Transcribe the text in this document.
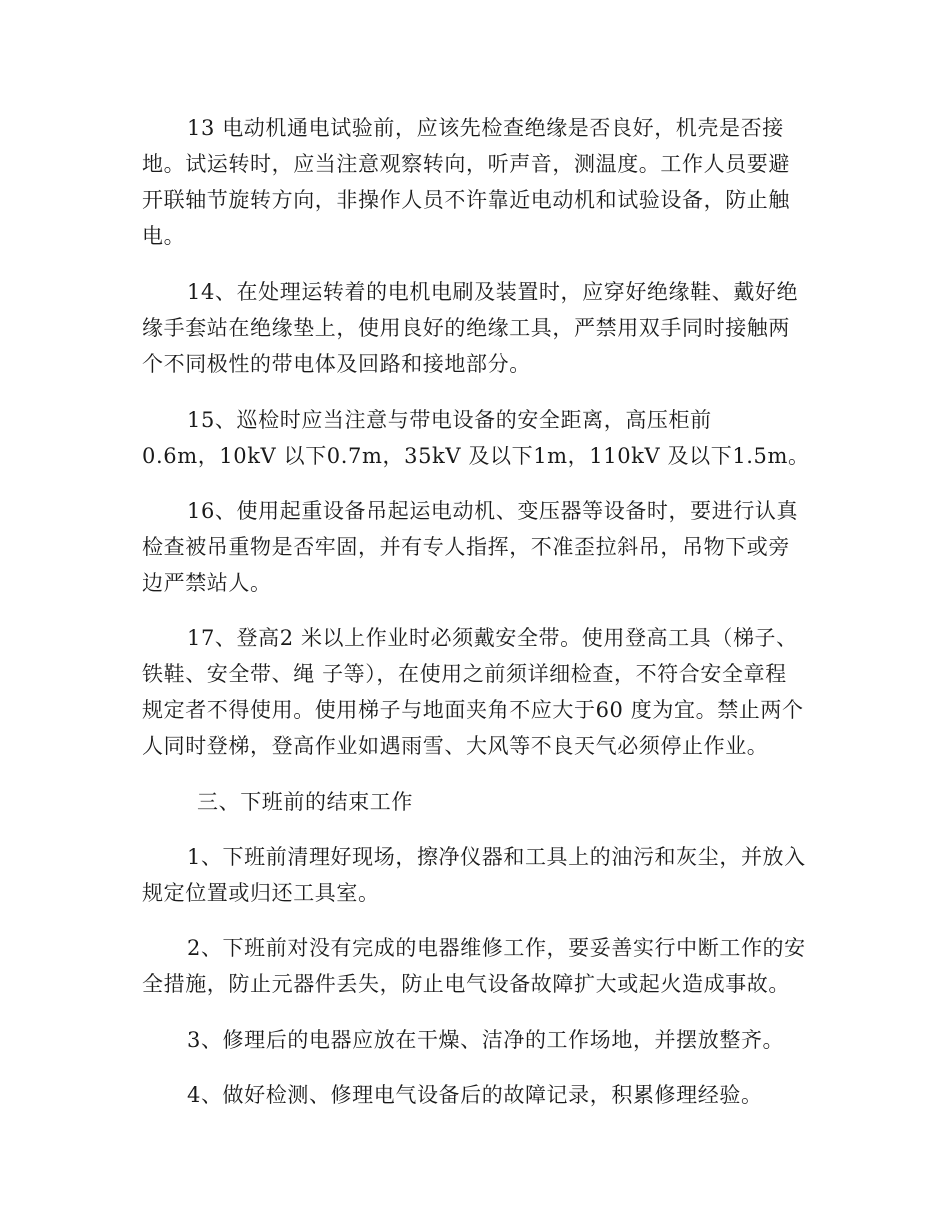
13 电动机通电试验前，应该先检查绝缘是否良好，机壳是否接
地。试运转时，应当注意观察转向，听声音，测温度。工作人员要避
开联轴节旋转方向，非操作人员不许靠近电动机和试验设备，防止触
电。
14、在处理运转着的电机电刷及装置时，应穿好绝缘鞋、戴好绝
缘手套站在绝缘垫上，使用良好的绝缘工具，严禁用双手同时接触两
个不同极性的带电体及回路和接地部分。
15、巡检时应当注意与带电设备的安全距离，高压柜前
0.6m，10kV 以下0.7m，35kV 及以下1m，110kV 及以下1.5m。
16、使用起重设备吊起运电动机、变压器等设备时，要进行认真
检查被吊重物是否牢固，并有专人指挥，不准歪拉斜吊，吊物下或旁
边严禁站人。
17、登高2 米以上作业时必须戴安全带。使用登高工具（梯子、
铁鞋、安全带、绳 子等），在使用之前须详细检查，不符合安全章程
规定者不得使用。使用梯子与地面夹角不应大于60 度为宜。禁止两个
人同时登梯，登高作业如遇雨雪、大风等不良天气必须停止作业。
三、下班前的结束工作
1、下班前清理好现场，擦净仪器和工具上的油污和灰尘，并放入
规定位置或归还工具室。
2、下班前对没有完成的电器维修工作，要妥善实行中断工作的安
全措施，防止元器件丢失，防止电气设备故障扩大或起火造成事故。
3、修理后的电器应放在干燥、洁净的工作场地，并摆放整齐。
4、做好检测、修理电气设备后的故障记录，积累修理经验。
